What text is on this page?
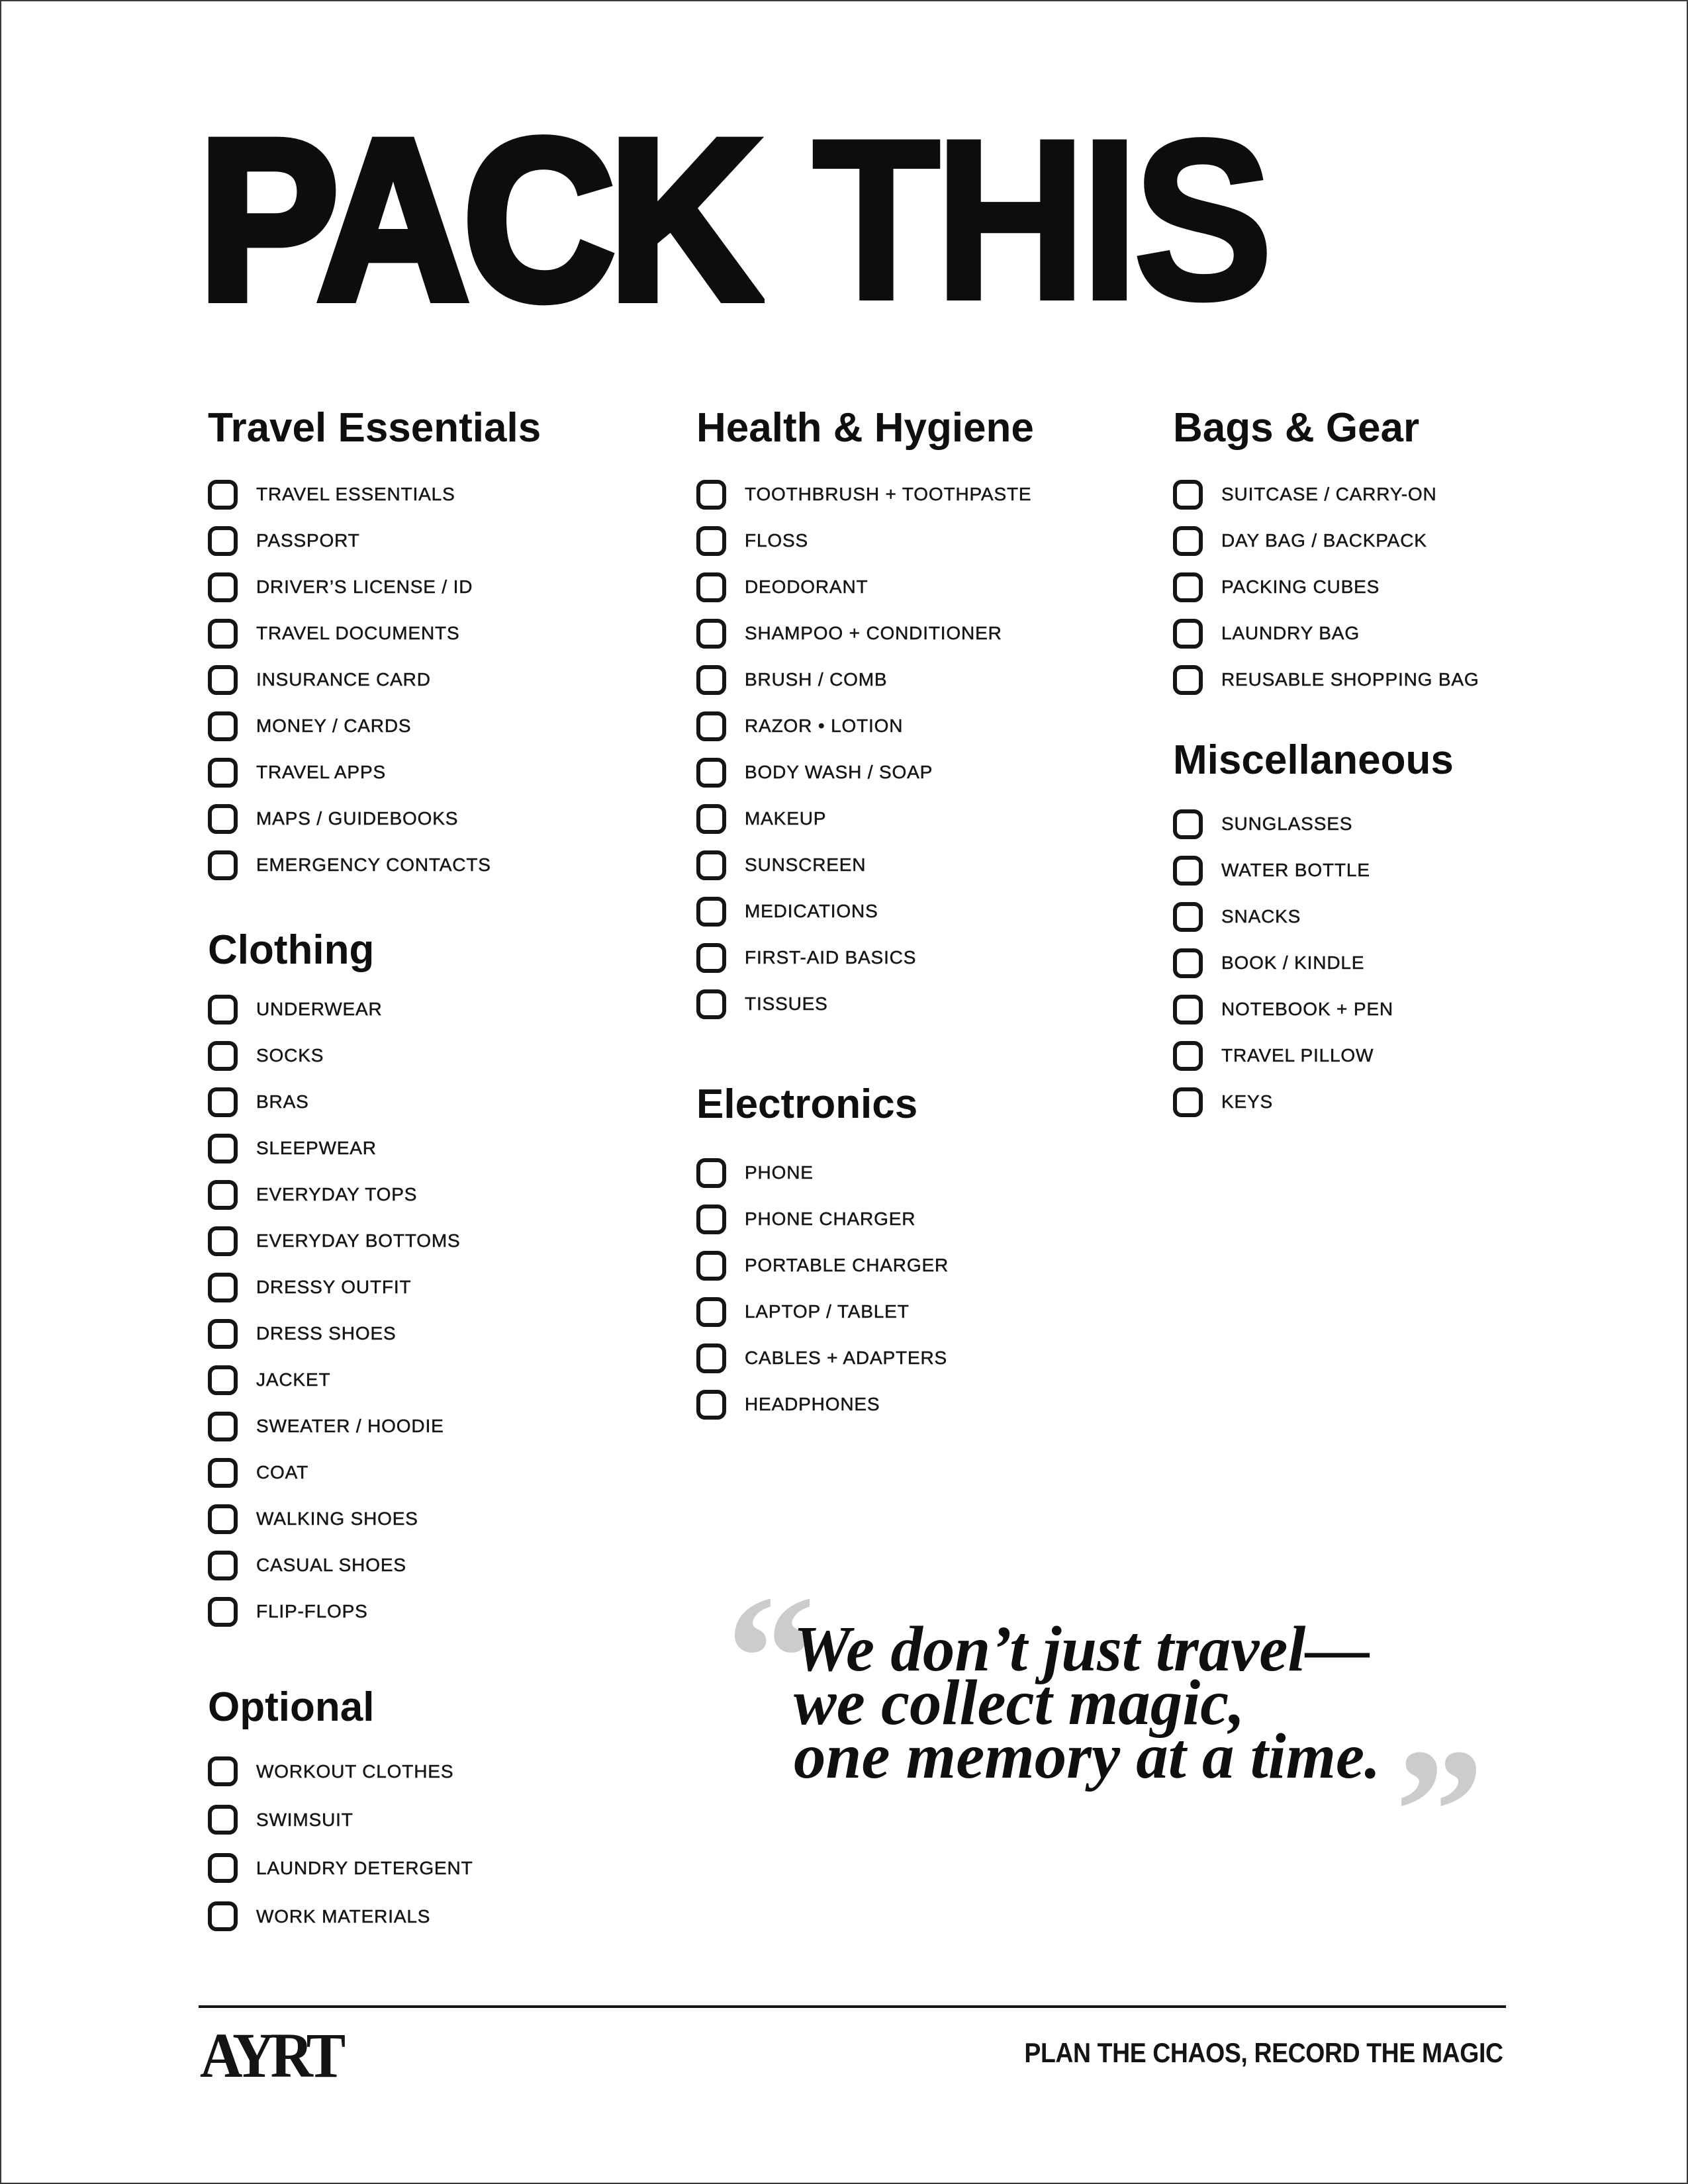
PACK THIS
Travel Essentials
TRAVEL ESSENTIALS
PASSPORT
DRIVER’S LICENSE / ID
TRAVEL DOCUMENTS
INSURANCE CARD
MONEY / CARDS
TRAVEL APPS
MAPS / GUIDEBOOKS
EMERGENCY CONTACTS
Clothing
UNDERWEAR
SOCKS
BRAS
SLEEPWEAR
EVERYDAY TOPS
EVERYDAY BOTTOMS
DRESSY OUTFIT
DRESS SHOES
JACKET
SWEATER / HOODIE
COAT
WALKING SHOES
CASUAL SHOES
FLIP-FLOPS
Optional
WORKOUT CLOTHES
SWIMSUIT
LAUNDRY DETERGENT
WORK MATERIALS
Health & Hygiene
TOOTHBRUSH + TOOTHPASTE
FLOSS
DEODORANT
SHAMPOO + CONDITIONER
BRUSH / COMB
RAZOR • LOTION
BODY WASH / SOAP
MAKEUP
SUNSCREEN
MEDICATIONS
FIRST-AID BASICS
TISSUES
Electronics
PHONE
PHONE CHARGER
PORTABLE CHARGER
LAPTOP / TABLET
CABLES + ADAPTERS
HEADPHONES
Bags & Gear
SUITCASE / CARRY-ON
DAY BAG / BACKPACK
PACKING CUBES
LAUNDRY BAG
REUSABLE SHOPPING BAG
Miscellaneous
SUNGLASSES
WATER BOTTLE
SNACKS
BOOK / KINDLE
NOTEBOOK + PEN
TRAVEL PILLOW
KEYS
“
We don’t just travel—
we collect magic,
one memory at a time. ”
AYRT	PLAN THE CHAOS, RECORD THE MAGIC
